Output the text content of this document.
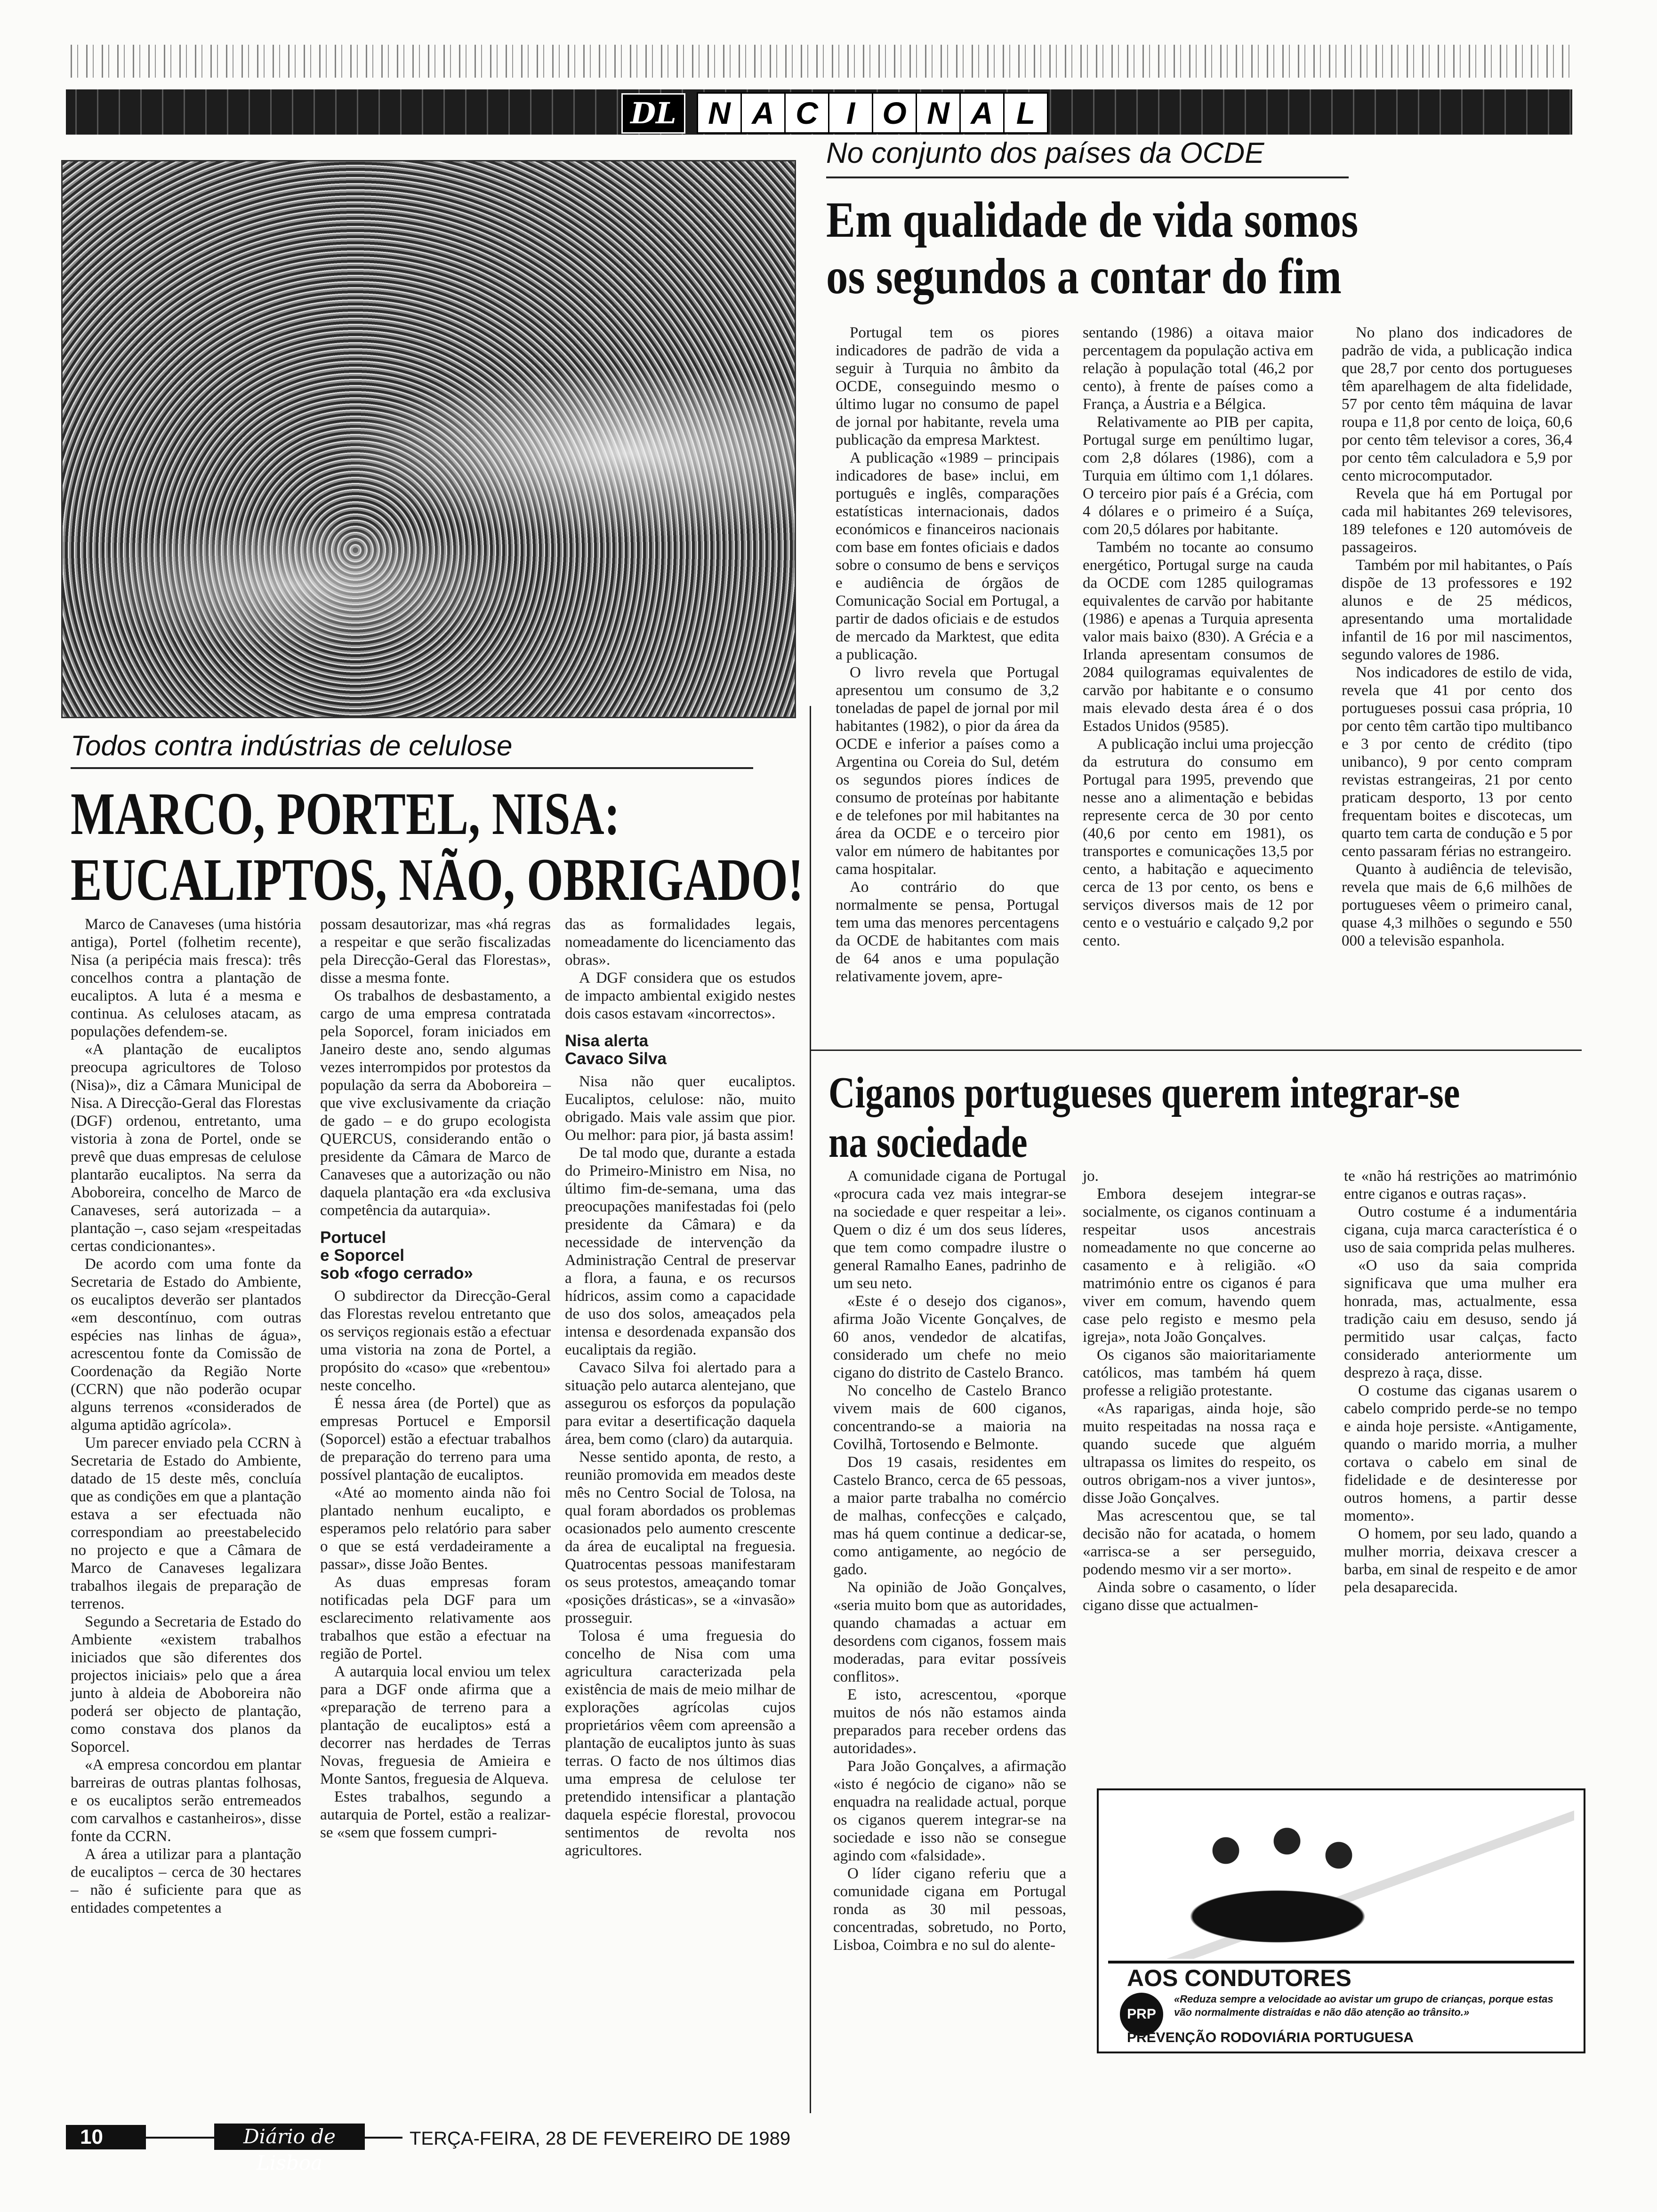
DL	N A C I O N A L
No conjunto dos países da OCDE
Em qualidade de vida somos
os segundos a contar do fim

Portugal tem os piores indicadores de padrão de vida a seguir à Turquia no âmbito da OCDE, conseguindo mesmo o último lugar no consumo de papel de jornal por habitante, revela uma publicação da empresa Marktest.

A publicação «1989 – principais indicadores de base» inclui, em português e inglês, comparações estatísticas internacionais, dados económicos e financeiros nacionais com base em fontes oficiais e dados sobre o consumo de bens e serviços e audiência de órgãos de Comunicação Social em Portugal, a partir de dados oficiais e de estudos de mercado da Marktest, que edita a publicação.

O livro revela que Portugal apresentou um consumo de 3,2 toneladas de papel de jornal por mil habitantes (1982), o pior da área da OCDE e inferior a países como a Argentina ou Coreia do Sul, detém os segundos piores índices de consumo de proteínas por habitante e de telefones por mil habitantes na área da OCDE e o terceiro pior valor em número de habitantes por cama hospitalar.

Ao contrário do que normalmente se pensa, Portugal tem uma das menores percentagens da OCDE de habitantes com mais de 64 anos e uma população relativamente jovem, apre-

sentando (1986) a oitava maior percentagem da população activa em relação à população total (46,2 por cento), à frente de países como a França, a Áustria e a Bélgica.

Relativamente ao PIB per capita, Portugal surge em penúltimo lugar, com 2,8 dólares (1986), com a Turquia em último com 1,1 dólares. O terceiro pior país é a Grécia, com 4 dólares e o primeiro é a Suíça, com 20,5 dólares por habitante.

Também no tocante ao consumo energético, Portugal surge na cauda da OCDE com 1285 quilogramas equivalentes de carvão por habitante (1986) e apenas a Turquia apresenta valor mais baixo (830). A Grécia e a Irlanda apresentam consumos de 2084 quilogramas equivalentes de carvão por habitante e o consumo mais elevado desta área é o dos Estados Unidos (9585).

A publicação inclui uma projecção da estrutura do consumo em Portugal para 1995, prevendo que nesse ano a alimentação e bebidas represente cerca de 30 por cento (40,6 por cento em 1981), os transportes e comunicações 13,5 por cento, a habitação e aquecimento cerca de 13 por cento, os bens e serviços diversos mais de 12 por cento e o vestuário e calçado 9,2 por cento.

No plano dos indicadores de padrão de vida, a publicação indica que 28,7 por cento dos portugueses têm aparelhagem de alta fidelidade, 57 por cento têm máquina de lavar roupa e 11,8 por cento de loiça, 60,6 por cento têm televisor a cores, 36,4 por cento têm calculadora e 5,9 por cento microcomputador.

Revela que há em Portugal por cada mil habitantes 269 televisores, 189 telefones e 120 automóveis de passageiros.

Também por mil habitantes, o País dispõe de 13 professores e 192 alunos e de 25 médicos, apresentando uma mortalidade infantil de 16 por mil nascimentos, segundo valores de 1986.

Nos indicadores de estilo de vida, revela que 41 por cento dos portugueses possui casa própria, 10 por cento têm cartão tipo multibanco e 3 por cento de crédito (tipo unibanco), 9 por cento compram revistas estrangeiras, 21 por cento praticam desporto, 13 por cento frequentam boites e discotecas, um quarto tem carta de condução e 5 por cento passaram férias no estrangeiro.

Quanto à audiência de televisão, revela que mais de 6,6 milhões de portugueses vêem o primeiro canal, quase 4,3 milhões o segundo e 550 000 a televisão espanhola.

Todos contra indústrias de celulose
MARCO, PORTEL, NISA:
EUCALIPTOS, NÃO, OBRIGADO!

Marco de Canaveses (uma história antiga), Portel (folhetim recente), Nisa (a peripécia mais fresca): três concelhos contra a plantação de eucaliptos. A luta é a mesma e continua. As celuloses atacam, as populações defendem-se.

«A plantação de eucaliptos preocupa agricultores de Toloso (Nisa)», diz a Câmara Municipal de Nisa. A Direcção-Geral das Florestas (DGF) ordenou, entretanto, uma vistoria à zona de Portel, onde se prevê que duas empresas de celulose plantarão eucaliptos. Na serra da Aboboreira, concelho de Marco de Canaveses, será autorizada – a plantação –, caso sejam «respeitadas certas condicionantes».

De acordo com uma fonte da Secretaria de Estado do Ambiente, os eucaliptos deverão ser plantados «em descontínuo, com outras espécies nas linhas de água», acrescentou fonte da Comissão de Coordenação da Região Norte (CCRN) que não poderão ocupar alguns terrenos «considerados de alguma aptidão agrícola».

Um parecer enviado pela CCRN à Secretaria de Estado do Ambiente, datado de 15 deste mês, concluía que as condições em que a plantação estava a ser efectuada não correspondiam ao preestabelecido no projecto e que a Câmara de Marco de Canaveses legalizara trabalhos ilegais de preparação de terrenos.

Segundo a Secretaria de Estado do Ambiente «existem trabalhos iniciados que são diferentes dos projectos iniciais» pelo que a área junto à aldeia de Aboboreira não poderá ser objecto de plantação, como constava dos planos da Soporcel.

«A empresa concordou em plantar barreiras de outras plantas folhosas, e os eucaliptos serão entremeados com carvalhos e castanheiros», disse fonte da CCRN.

A área a utilizar para a plantação de eucaliptos – cerca de 30 hectares – não é suficiente para que as entidades competentes a

possam desautorizar, mas «há regras a respeitar e que serão fiscalizadas pela Direcção-Geral das Florestas», disse a mesma fonte.

Os trabalhos de desbastamento, a cargo de uma empresa contratada pela Soporcel, foram iniciados em Janeiro deste ano, sendo algumas vezes interrompidos por protestos da população da serra da Aboboreira – que vive exclusivamente da criação de gado – e do grupo ecologista QUERCUS, considerando então o presidente da Câmara de Marco de Canaveses que a autorização ou não daquela plantação era «da exclusiva competência da autarquia».

Portucel
e Soporcel
sob «fogo cerrado»

O subdirector da Direcção-Geral das Florestas revelou entretanto que os serviços regionais estão a efectuar uma vistoria na zona de Portel, a propósito do «caso» que «rebentou» neste concelho.

É nessa área (de Portel) que as empresas Portucel e Emporsil (Soporcel) estão a efectuar trabalhos de preparação do terreno para uma possível plantação de eucaliptos.

«Até ao momento ainda não foi plantado nenhum eucalipto, e esperamos pelo relatório para saber o que se está verdadeiramente a passar», disse João Bentes.

As duas empresas foram notificadas pela DGF para um esclarecimento relativamente aos trabalhos que estão a efectuar na região de Portel.

A autarquia local enviou um telex para a DGF onde afirma que a «preparação de terreno para a plantação de eucaliptos» está a decorrer nas herdades de Terras Novas, freguesia de Amieira e Monte Santos, freguesia de Alqueva.

Estes trabalhos, segundo a autarquia de Portel, estão a realizar-se «sem que fossem cumpri-

das as formalidades legais, nomeadamente do licenciamento das obras».

A DGF considera que os estudos de impacto ambiental exigido nestes dois casos estavam «incorrectos».

Nisa alerta
Cavaco Silva

Nisa não quer eucaliptos. Eucaliptos, celulose: não, muito obrigado. Mais vale assim que pior. Ou melhor: para pior, já basta assim!

De tal modo que, durante a estada do Primeiro-Ministro em Nisa, no último fim-de-semana, uma das preocupações manifestadas foi (pelo presidente da Câmara) e da necessidade de intervenção da Administração Central de preservar a flora, a fauna, e os recursos hídricos, assim como a capacidade de uso dos solos, ameaçados pela intensa e desordenada expansão dos eucaliptais da região.

Cavaco Silva foi alertado para a situação pelo autarca alentejano, que assegurou os esforços da população para evitar a desertificação daquela área, bem como (claro) da autarquia.

Nesse sentido aponta, de resto, a reunião promovida em meados deste mês no Centro Social de Tolosa, na qual foram abordados os problemas ocasionados pelo aumento crescente da área de eucaliptal na freguesia. Quatrocentas pessoas manifestaram os seus protestos, ameaçando tomar «posições drásticas», se a «invasão» prosseguir.

Tolosa é uma freguesia do concelho de Nisa com uma agricultura caracterizada pela existência de mais de meio milhar de explorações agrícolas cujos proprietários vêem com apreensão a plantação de eucaliptos junto às suas terras. O facto de nos últimos dias uma empresa de celulose ter pretendido intensificar a plantação daquela espécie florestal, provocou sentimentos de revolta nos agricultores.

Ciganos portugueses querem integrar-se
na sociedade

A comunidade cigana de Portugal «procura cada vez mais integrar-se na sociedade e quer respeitar a lei». Quem o diz é um dos seus líderes, que tem como compadre ilustre o general Ramalho Eanes, padrinho de um seu neto.

«Este é o desejo dos ciganos», afirma João Vicente Gonçalves, de 60 anos, vendedor de alcatifas, considerado um chefe no meio cigano do distrito de Castelo Branco.

No concelho de Castelo Branco vivem mais de 600 ciganos, concentrando-se a maioria na Covilhã, Tortosendo e Belmonte.

Dos 19 casais, residentes em Castelo Branco, cerca de 65 pessoas, a maior parte trabalha no comércio de malhas, confecções e calçado, mas há quem continue a dedicar-se, como antigamente, ao negócio de gado.

Na opinião de João Gonçalves, «seria muito bom que as autoridades, quando chamadas a actuar em desordens com ciganos, fossem mais moderadas, para evitar possíveis conflitos».

E isto, acrescentou, «porque muitos de nós não estamos ainda preparados para receber ordens das autoridades».

Para João Gonçalves, a afirmação «isto é negócio de cigano» não se enquadra na realidade actual, porque os ciganos querem integrar-se na sociedade e isso não se consegue agindo com «falsidade».

O líder cigano referiu que a comunidade cigana em Portugal ronda as 30 mil pessoas, concentradas, sobretudo, no Porto, Lisboa, Coimbra e no sul do alente-

jo.

Embora desejem integrar-se socialmente, os ciganos continuam a respeitar usos ancestrais nomeadamente no que concerne ao casamento e à religião. «O matrimónio entre os ciganos é para viver em comum, havendo quem case pelo registo e mesmo pela igreja», nota João Gonçalves.

Os ciganos são maioritariamente católicos, mas também há quem professe a religião protestante.

«As raparigas, ainda hoje, são muito respeitadas na nossa raça e quando sucede que alguém ultrapassa os limites do respeito, os outros obrigam-nos a viver juntos», disse João Gonçalves.

Mas acrescentou que, se tal decisão não for acatada, o homem «arrisca-se a ser perseguido, podendo mesmo vir a ser morto».

Ainda sobre o casamento, o líder cigano disse que actualmen-

te «não há restrições ao matrimónio entre ciganos e outras raças».

Outro costume é a indumentária cigana, cuja marca característica é o uso de saia comprida pelas mulheres.

«O uso da saia comprida significava que uma mulher era honrada, mas, actualmente, essa tradição caiu em desuso, sendo já permitido usar calças, facto considerado anteriormente um desprezo à raça, disse.

O costume das ciganas usarem o cabelo comprido perde-se no tempo e ainda hoje persiste. «Antigamente, quando o marido morria, a mulher cortava o cabelo em sinal de fidelidade e de desinteresse por outros homens, a partir desse momento».

O homem, por seu lado, quando a mulher morria, deixava crescer a barba, em sinal de respeito e de amor pela desaparecida.

AOS CONDUTORES
PRP
«Reduza sempre a velocidade ao avistar um grupo de crianças, porque estas vão normalmente distraídas e não dão atenção ao trânsito.»
PREVENÇÃO RODOVIÁRIA PORTUGUESA
10	Diário de Lisboa
TERÇA-FEIRA, 28 DE FEVEREIRO DE 1989
